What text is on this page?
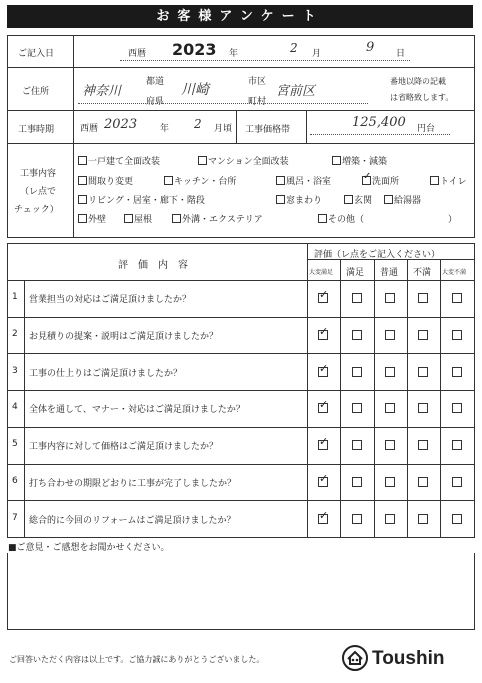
お客様アンケート
ご記入日	西暦 2023 年	2 月	9 日
ご住所	神奈川
都道
府県
川崎	市区
町村
宮前区
番地以降の記載
は省略致します。
工事時期	西暦 2023	年 2 月頃 工事価格帯	125,400 円台
工事内容
（レ点で
チェック）
一戸建て全面改装	マンション全面改装	増築・減築
間取り変更	キッチン・台所	風呂・浴室
✓	洗面所	トイレ
リビング・居室・廊下・階段	窓まわり	玄関	給湯器
外壁	屋根	外溝・エクステリア	その他（	）
評　価　内　容
評価（レ点をご記入ください）
大変満足 満足 普通 不満 大変不満
1 営業担当の対応はご満足頂けましたか？
✓
2 お見積りの提案・説明はご満足頂けましたか？
✓
3 工事の仕上りはご満足頂けましたか？
✓
4 全体を通して、マナー・対応はご満足頂けましたか？
✓
5 工事内容に対して価格はご満足頂けましたか？
✓
6 打ち合わせの期限どおりに工事が完了しましたか？
✓
7 総合的に今回のリフォームはご満足頂けましたか？
✓
■ご意見・ご感想をお聞かせください。
ご回答いただく内容は以上です。ご協力誠にありがとうございました。	Toushin
